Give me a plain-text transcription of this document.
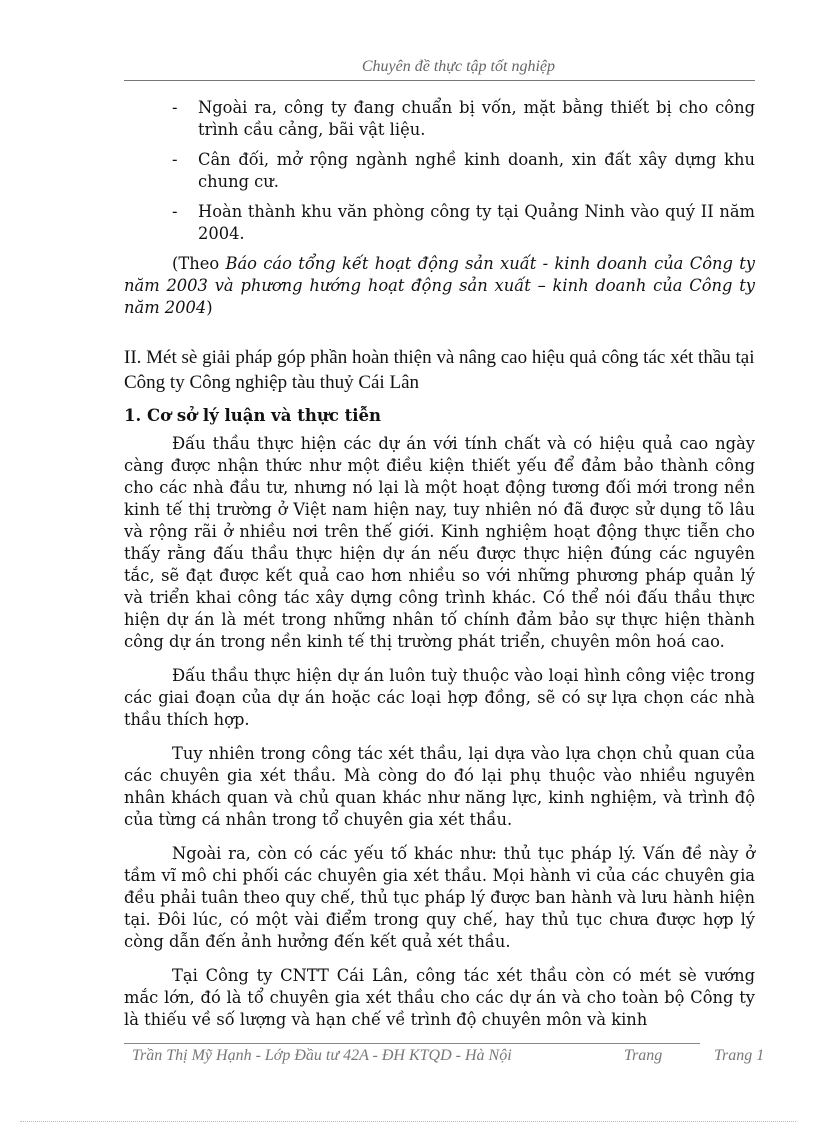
Chuyên đề thực tập tốt nghiệp
- Ngoài ra, công ty đang chuẩn bị vốn, mặt bằng thiết bị cho công trình cầu cảng, bãi vật liệu.
- Cân đối, mở rộng ngành nghề kinh doanh, xin đất xây dựng khu chung cư.
- Hoàn thành khu văn phòng công ty tại Quảng Ninh vào quý II năm 2004.

(Theo Báo cáo tổng kết hoạt động sản xuất - kinh doanh của Công ty năm 2003 và phương hướng hoạt động sản xuất – kinh doanh của Công ty năm 2004)

II. Mét sè giải pháp góp phần hoàn thiện và nâng cao hiệu quả công tác xét thầu tại Công ty Công nghiệp tàu thuỷ Cái Lân

1. Cơ sở lý luận và thực tiễn

Đấu thầu thực hiện các dự án với tính chất và có hiệu quả cao ngày càng được nhận thức như một điều kiện thiết yếu để đảm bảo thành công cho các nhà đầu tư, nhưng nó lại là một hoạt động tương đối mới trong nền kinh tế thị trường ở Việt nam hiện nay, tuy nhiên nó đã được sử dụng tõ lâu và rộng rãi ở nhiều nơi trên thế giới. Kinh nghiệm hoạt động thực tiễn cho thấy rằng đấu thầu thực hiện dự án nếu được thực hiện đúng các nguyên tắc, sẽ đạt được kết quả cao hơn nhiều so với những phương pháp quản lý và triển khai công tác xây dựng công trình khác. Có thể nói đấu thầu thực hiện dự án là mét trong những nhân tố chính đảm bảo sự thực hiện thành công dự án trong nền kinh tế thị trường phát triển, chuyên môn hoá cao.

Đấu thầu thực hiện dự án luôn tuỳ thuộc vào loại hình công việc trong các giai đoạn của dự án hoặc các loại hợp đồng, sẽ có sự lựa chọn các nhà thầu thích hợp.

Tuy nhiên trong công tác xét thầu, lại dựa vào lựa chọn chủ quan của các chuyên gia xét thầu. Mà còng do đó lại phụ thuộc vào nhiều nguyên nhân khách quan và chủ quan khác như năng lực, kinh nghiệm, và trình độ của từng cá nhân trong tổ chuyên gia xét thầu.

Ngoài ra, còn có các yếu tố khác như: thủ tục pháp lý. Vấn đề này ở tầm vĩ mô chi phối các chuyên gia xét thầu. Mọi hành vi của các chuyên gia đều phải tuân theo quy chế, thủ tục pháp lý được ban hành và lưu hành hiện tại. Đôi lúc, có một vài điểm trong quy chế, hay thủ tục chưa được hợp lý còng dẫn đến ảnh hưởng đến kết quả xét thầu.

Tại Công ty CNTT Cái Lân, công tác xét thầu còn có mét sè vướng mắc lớn, đó là tổ chuyên gia xét thầu cho các dự án và cho toàn bộ Công ty là thiếu về số lượng và hạn chế về trình độ chuyên môn và kinh

Trần Thị Mỹ Hạnh - Lớp Đầu tư 42A - ĐH KTQD - Hà Nội	Trang	Trang 1
